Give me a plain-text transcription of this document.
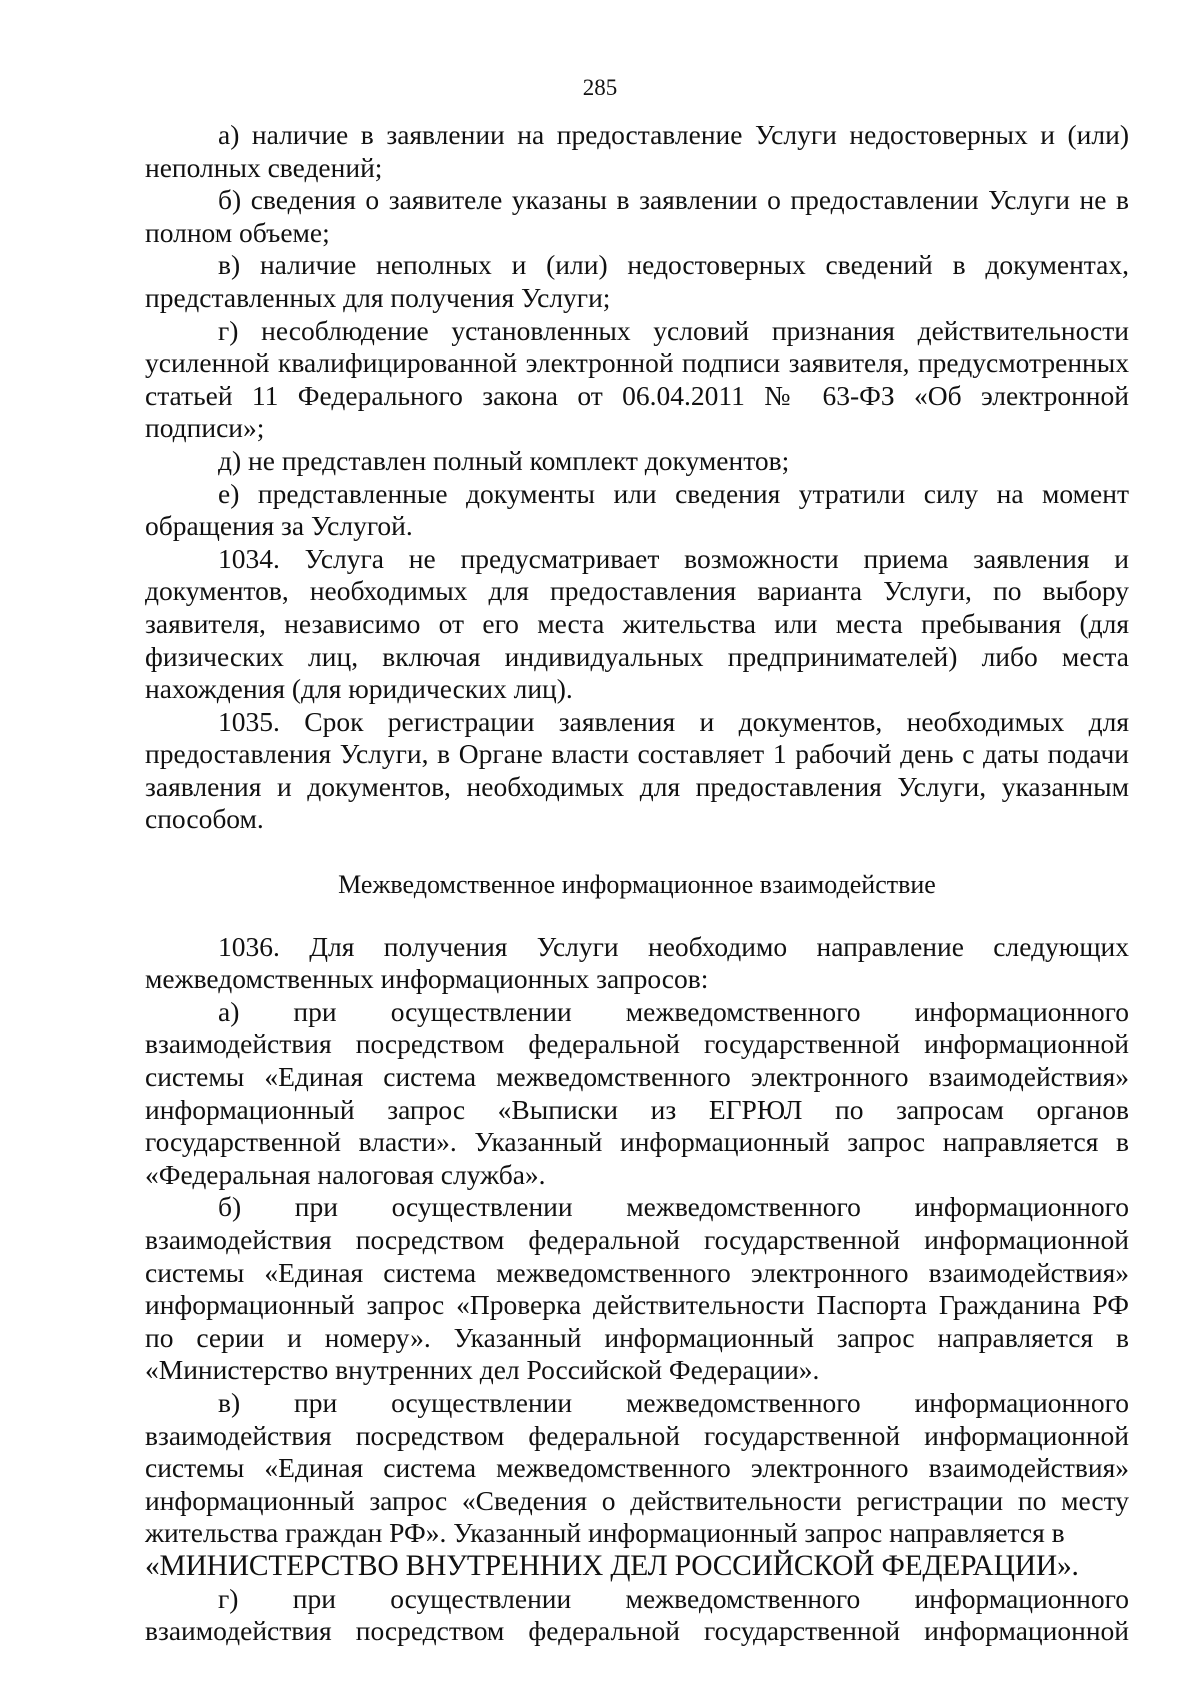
285

а) наличие в заявлении на предоставление Услуги недостоверных и (или) неполных сведений;

б) сведения о заявителе указаны в заявлении о предоставлении Услуги не в полном объеме;

в) наличие неполных и (или) недостоверных сведений в документах, представленных для получения Услуги;

г) несоблюдение установленных условий признания действительности усиленной квалифицированной электронной подписи заявителя, предусмотренных статьей 11 Федерального закона от 06.04.2011 № 63-ФЗ «Об электронной подписи»;

д) не представлен полный комплект документов;

е) представленные документы или сведения утратили силу на момент обращения за Услугой.

1034. Услуга не предусматривает возможности приема заявления и документов, необходимых для предоставления варианта Услуги, по выбору заявителя, независимо от его места жительства или места пребывания (для физических лиц, включая индивидуальных предпринимателей) либо места нахождения (для юридических лиц).

1035. Срок регистрации заявления и документов, необходимых для предоставления Услуги, в Органе власти составляет 1 рабочий день с даты подачи заявления и документов, необходимых для предоставления Услуги, указанным способом.

Межведомственное информационное взаимодействие

1036. Для получения Услуги необходимо направление следующих межведомственных информационных запросов:

а) при осуществлении межведомственного информационного взаимодействия посредством федеральной государственной информационной системы «Единая система межведомственного электронного взаимодействия» информационный запрос «Выписки из ЕГРЮЛ по запросам органов государственной власти». Указанный информационный запрос направляется в «Федеральная налоговая служба».

б) при осуществлении межведомственного информационного взаимодействия посредством федеральной государственной информационной системы «Единая система межведомственного электронного взаимодействия» информационный запрос «Проверка действительности Паспорта Гражданина РФ по серии и номеру». Указанный информационный запрос направляется в «Министерство внутренних дел Российской Федерации».

в) при осуществлении межведомственного информационного взаимодействия посредством федеральной государственной информационной системы «Единая система межведомственного электронного взаимодействия» информационный запрос «Сведения о действительности регистрации по месту жительства граждан РФ». Указанный информационный запрос направляется в

«МИНИСТЕРСТВО ВНУТРЕННИХ ДЕЛ РОССИЙСКОЙ ФЕДЕРАЦИИ».

г) при осуществлении межведомственного информационного взаимодействия посредством федеральной государственной информационной
